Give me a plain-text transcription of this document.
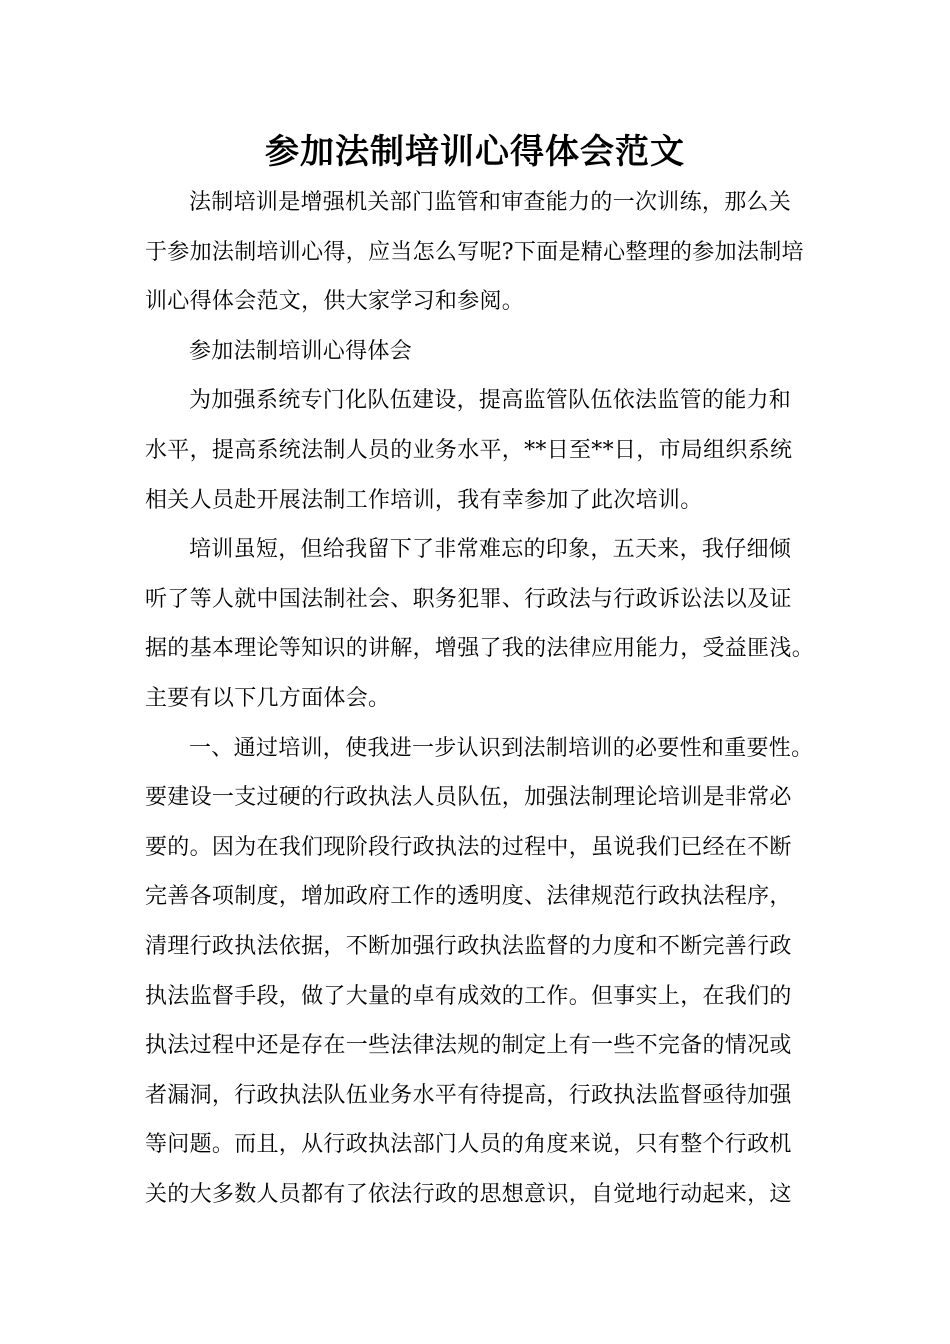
参加法制培训心得体会范文
法制培训是增强机关部门监管和审查能力的一次训练，那么关
于参加法制培训心得，应当怎么写呢?下面是精心整理的参加法制培
训心得体会范文，供大家学习和参阅。
参加法制培训心得体会
为加强系统专门化队伍建设，提高监管队伍依法监管的能力和
水平，提高系统法制人员的业务水平，**日至**日，市局组织系统
相关人员赴开展法制工作培训，我有幸参加了此次培训。
培训虽短，但给我留下了非常难忘的印象，五天来，我仔细倾
听了等人就中国法制社会、职务犯罪、行政法与行政诉讼法以及证
据的基本理论等知识的讲解，增强了我的法律应用能力，受益匪浅。
主要有以下几方面体会。
一、通过培训，使我进一步认识到法制培训的必要性和重要性。
要建设一支过硬的行政执法人员队伍，加强法制理论培训是非常必
要的。因为在我们现阶段行政执法的过程中，虽说我们已经在不断
完善各项制度，增加政府工作的透明度、法律规范行政执法程序，
清理行政执法依据，不断加强行政执法监督的力度和不断完善行政
执法监督手段，做了大量的卓有成效的工作。但事实上，在我们的
执法过程中还是存在一些法律法规的制定上有一些不完备的情况或
者漏洞，行政执法队伍业务水平有待提高，行政执法监督亟待加强
等问题。而且，从行政执法部门人员的角度来说，只有整个行政机
关的大多数人员都有了依法行政的思想意识，自觉地行动起来，这
